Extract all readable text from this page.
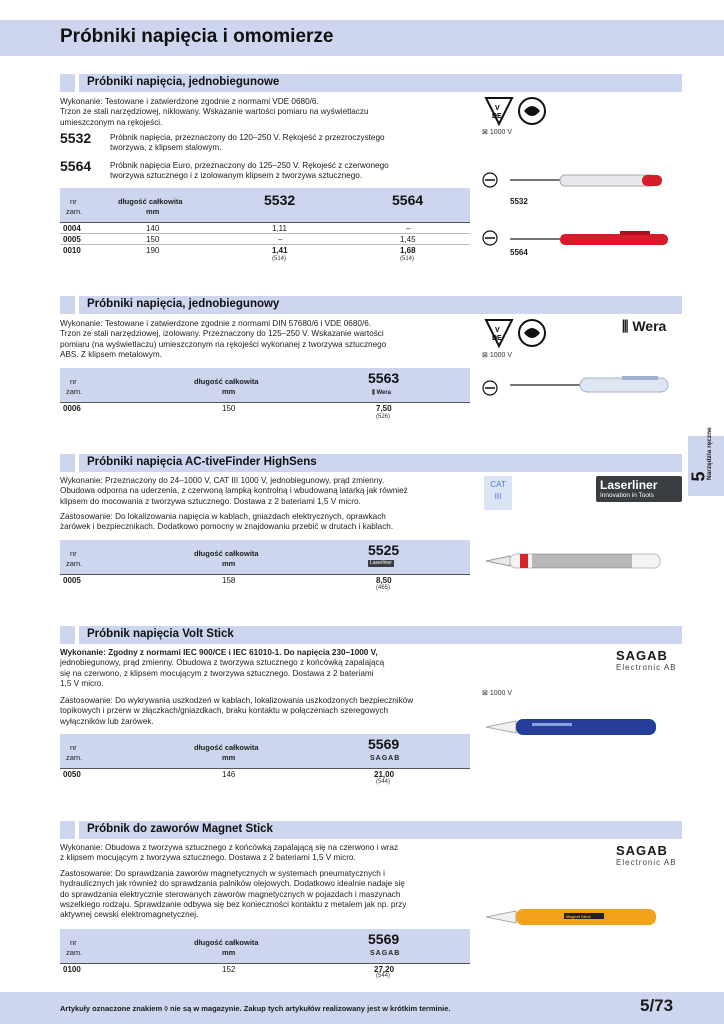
Próbniki napięcia i omomierze
Próbniki napięcia, jednobiegunowe
Wykonanie: Testowane i zatwierdzone zgodnie z normami VDE 0680/6.
Trzon ze stali narzędziowej, niklowany. Wskazanie wartości pomiaru na wyświetlaczu
umieszczonym na rękojeści.
5532	Próbnik napięcia, przeznaczony do 120–250 V. Rękojeść z przezroczystego
tworzywa, z klipsem stalowym.
5564	Próbnik napięcia Euro, przeznaczony do 125–250 V. Rękojeść z czerwonego
tworzywa sztucznego i z izolowanym klipsem z tworzywa sztucznego.
nr
zam.
długość całkowita
mm
5532	5564
0004	140	1,11	–
0005	150	–	1,45
0010	190	1,41	1,68
(514)	(514)
V
DE
⊠ 1000 V
5532
5564
Próbniki napięcia, jednobiegunowy
Wykonanie: Testowane i zatwierdzone zgodnie z normami DIN 57680/6 i VDE 0680/6.
Trzon ze stali narzędziowej, izolowany. Przeznaczony do 125–250 V. Wskazanie wartości
pomiaru (na wyświetlaczu) umieszczonym na rękojeści wykonanej z tworzywa sztucznego
ABS. Z klipsem metalowym.
nr
zam.
długość całkowita
mm
5563
⫼ Wera
0006	150	7,50
(526)
V
DE
⊠ 1000 V
⫼ Wera
Próbniki napięcia AC-tiveFinder HighSens
Wykonanie: Przeznaczony do 24–1000 V, CAT III 1000 V, jednobiegunowy, prąd zmienny.
Obudowa odporna na uderzenia, z czerwoną lampką kontrolną i wbudowaną latarką jak również
klipsem do mocowania z tworzywa sztucznego. Dostawa z 2 bateriami 1,5 V micro.
Zastosowanie: Do lokalizowania napięcia w kablach, gniazdach elektrycznych, oprawkach
żarówek i bezpiecznikach. Dodatkowo pomocny w znajdowaniu przebić w drutach i kablach.
nr
zam.
długość całkowita
mm
5525
Laserliner
0005	158	8,50
(465)
CAT
III
Laserliner
Innovation in Tools
Próbnik napięcia Volt Stick
Wykonanie: Zgodny z normami IEC 900/CE i IEC 61010-1. Do napięcia 230–1000 V,
jednobiegunowy, prąd zmienny. Obudowa z tworzywa sztucznego z końcówką zapalającą
się na czerwono, z klipsem mocującym z tworzywa sztucznego. Dostawa z 2 bateriami
1,5 V micro.
Zastosowanie: Do wykrywania uszkodzeń w kablach, lokalizowania uszkodzonych bezpieczników
topikowych i przerw w złączkach/gniazdkach, braku kontaktu w połączeniach szeregowych
wyłączników lub żarówek.
nr
zam.
długość całkowita
mm
5569
SAGAB
0050	146	21,00
(544)
SAGAB
Electronic AB
⊠ 1000 V
Próbnik do zaworów Magnet Stick
Wykonanie: Obudowa z tworzywa sztucznego z końcówką zapalającą się na czerwono i wraz
z klipsem mocującym z tworzywa sztucznego. Dostawa z 2 bateriami 1,5 V micro.
Zastosowanie: Do sprawdzania zaworów magnetycznych w systemach pneumatycznych i
hydraulicznych jak również do sprawdzania palników olejowych. Dodatkowo idealnie nadaje się
do sprawdzania elektrycznie sterowanych zaworów magnetycznych w pojazdach i maszynach
wszelkiego rodzaju. Sprawdzanie odbywa się bez konieczności kontaktu z metalem jak np. przy
aktywnej cewski elektromagnetycznej.
nr
zam.
długość całkowita
mm
5569
SAGAB
0100	152	27,20
(544)
SAGAB
Electronic AB
Magnet Stick
5
Narzędzia ręczne
Artykuły oznaczone znakiem ◊ nie są w magazynie. Zakup tych artykułów realizowany jest w krótkim terminie.	5/73
